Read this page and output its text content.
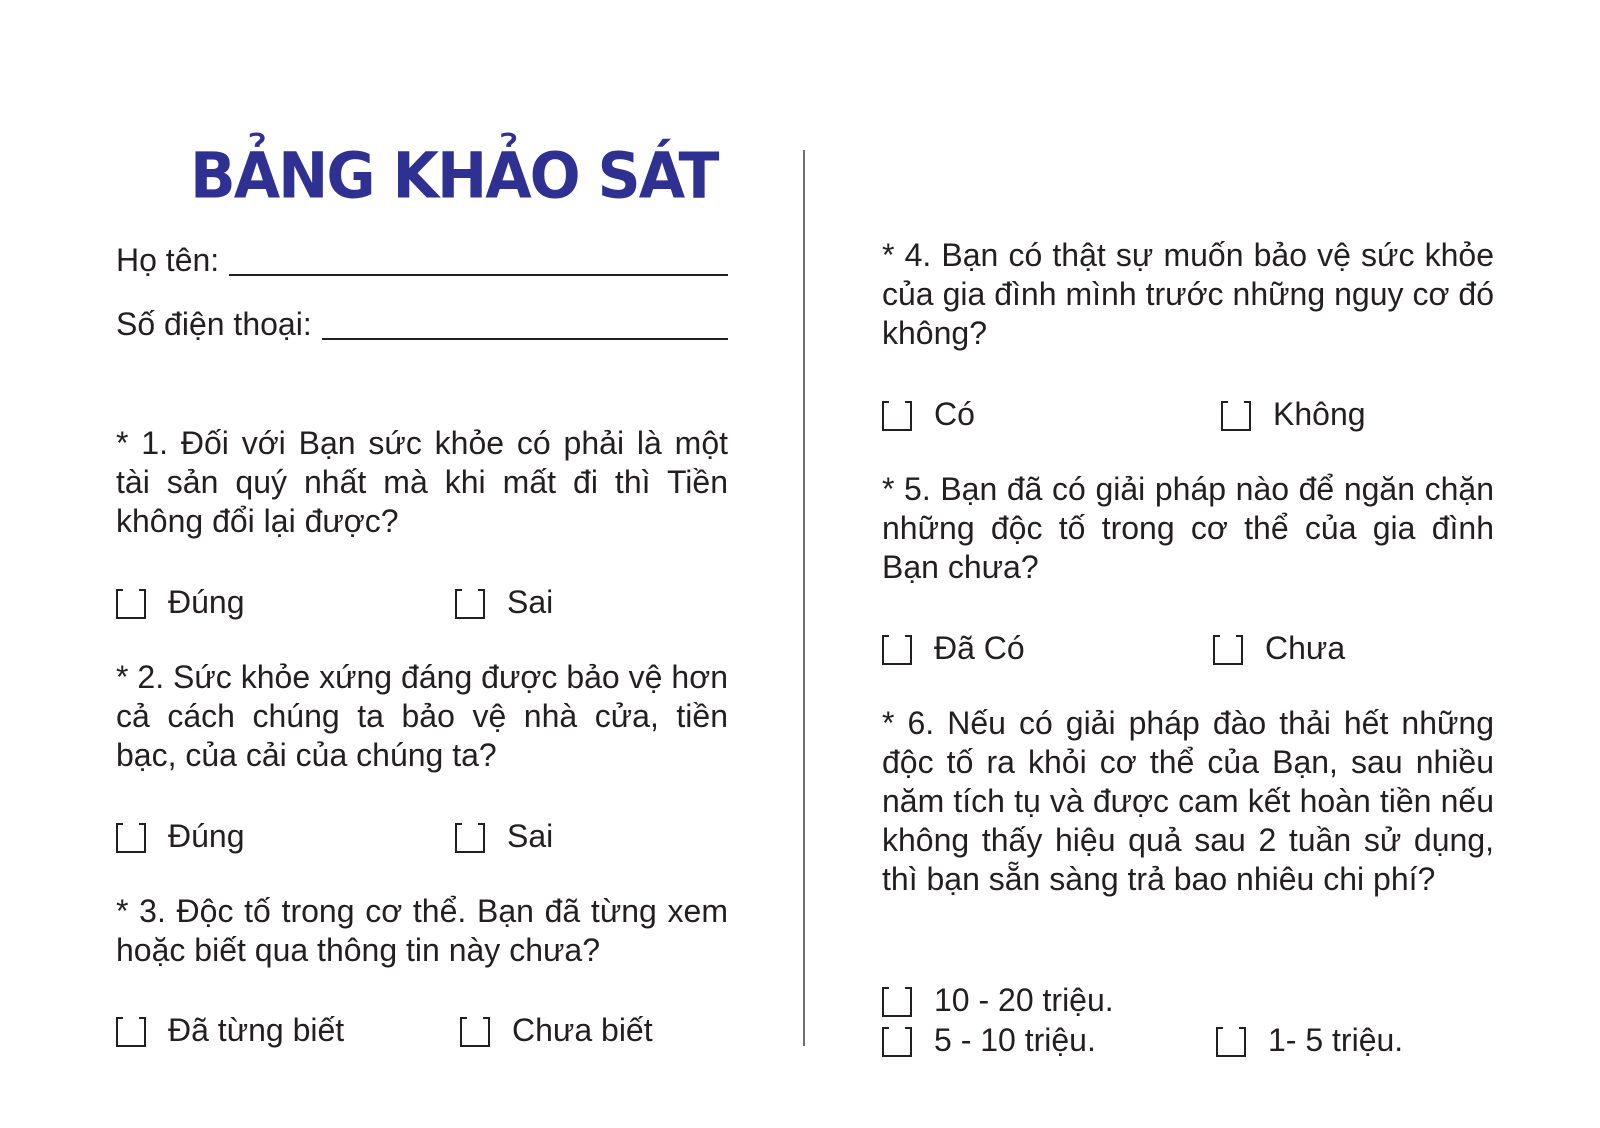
BẢNG KHẢO SÁT
Họ tên:
Số điện thoại:

* 1. Đối với Bạn sức khỏe có phải là một tài sản quý nhất mà khi mất đi thì Tiền không đổi lại được?

Đúng	Sai

* 2. Sức khỏe xứng đáng được bảo vệ hơn cả cách chúng ta bảo vệ nhà cửa, tiền bạc, của cải của chúng ta?

Đúng	Sai

* 3. Độc tố trong cơ thể. Bạn đã từng xem hoặc biết qua thông tin này chưa?

Đã từng biết	Chưa biết

* 4. Bạn có thật sự muốn bảo vệ sức khỏe của gia đình mình trước những nguy cơ đó không?

Có	Không

* 5. Bạn đã có giải pháp nào để ngăn chặn những độc tố trong cơ thể của gia đình Bạn chưa?

Đã Có	Chưa

* 6. Nếu có giải pháp đào thải hết những độc tố ra khỏi cơ thể của Bạn, sau nhiều năm tích tụ và được cam kết hoàn tiền nếu không thấy hiệu quả sau 2 tuần sử dụng, thì bạn sẵn sàng trả bao nhiêu chi phí?

10 - 20 triệu.
5 - 10 triệu.	1- 5 triệu.
